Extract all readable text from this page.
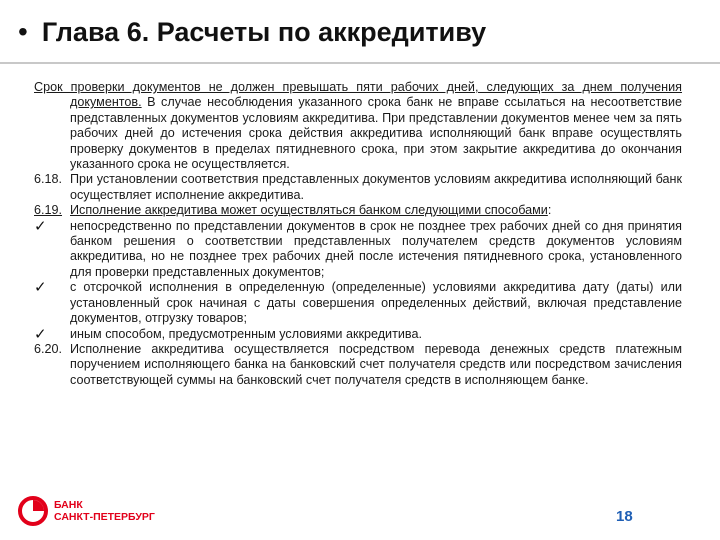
• Глава 6. Расчеты по аккредитиву
Срок проверки документов не должен превышать пяти рабочих дней, следующих за днем получения документов. В случае несоблюдения указанного срока банк не вправе ссылаться на несоответствие представленных документов условиям аккредитива. При представлении документов менее чем за пять рабочих дней до истечения срока действия аккредитива исполняющий банк вправе осуществлять проверку документов в пределах пятидневного срока, при этом закрытие аккредитива до окончания указанного срока не осуществляется.
6.18. При установлении соответствия представленных документов условиям аккредитива исполняющий банк осуществляет исполнение аккредитива.
6.19. Исполнение аккредитива может осуществляться банком следующими способами:
✓	непосредственно по представлении документов в срок не позднее трех рабочих дней со дня принятия банком решения о соответствии представленных получателем средств документов условиям аккредитива, но не позднее трех рабочих дней после истечения пятидневного срока, установленного для проверки представленных документов;
✓	с отсрочкой исполнения в определенную (определенные) условиями аккредитива дату (даты) или установленный срок начиная с даты совершения определенных действий, включая представление документов, отгрузку товаров;
✓	иным способом, предусмотренным условиями аккредитива.
6.20. Исполнение аккредитива осуществляется посредством перевода денежных средств платежным поручением исполняющего банка на банковский счет получателя средств или посредством зачисления соответствующей суммы на банковский счет получателя средств в исполняющем банке.
БАНК
САНКТ-ПЕТЕРБУРГ	18
